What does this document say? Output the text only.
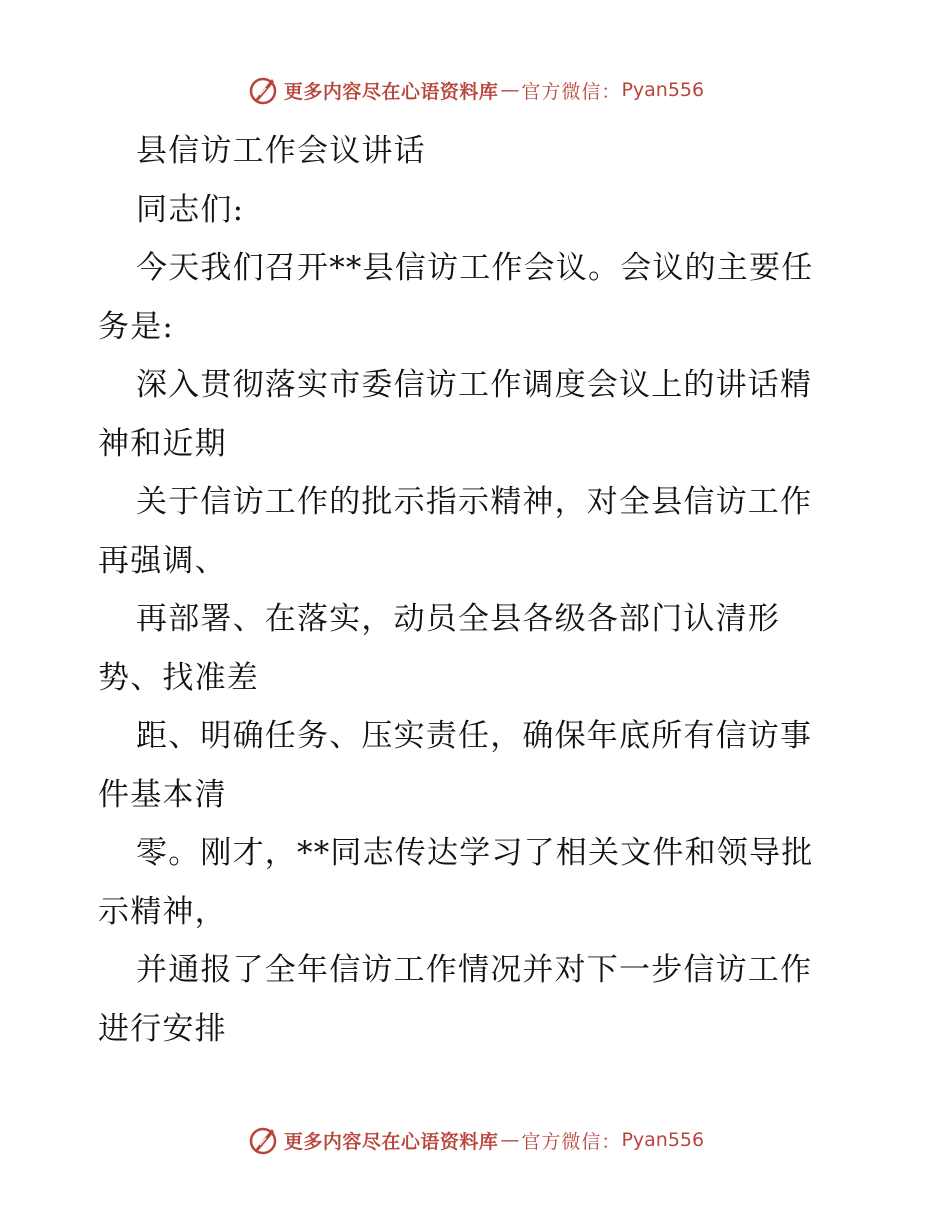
更多内容尽在心语资料库 — 官方微信： Pyan556
县信访工作会议讲话
同志们:
今天我们召开**县信访工作会议。会议的主要任
务是:
深入贯彻落实市委信访工作调度会议上的讲话精
神和近期
关于信访工作的批示指示精神，对全县信访工作
再强调、
再部署、在落实，动员全县各级各部门认清形
势、找准差
距、明确任务、压实责任，确保年底所有信访事
件基本清
零。刚才，**同志传达学习了相关文件和领导批
示精神，
并通报了全年信访工作情况并对下一步信访工作
进行安排
更多内容尽在心语资料库 — 官方微信： Pyan556
